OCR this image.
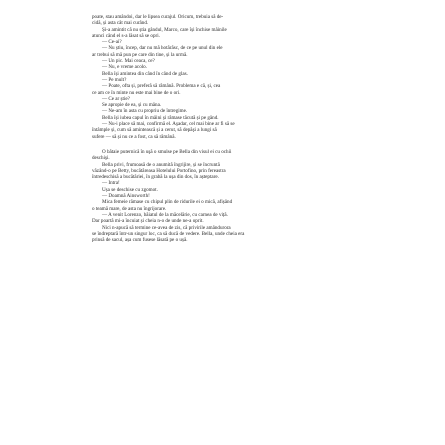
poate, stau amândoi, dar le lipsea curajul. Oricum, trebuia să de-

cidă, și asta cât mai curând.

Și-a amintit că nu știa gândul, Marco, care își închise mâinile

atunci când el s-a lăsat să se opri.

— Ce-ai?

— Nu știu, încep, dar nu mă hotărăsc, de ce pe unul din ele

ar trebui să mă pun pe care din tine, și la urmă.

— Un pic. Mai ceaca, ce?

— Nu, e vreme acolo.

Bella își amintea din când în când de glas.

— Pe mult?

— Poate, ofta și, preferă să rămână. Problema e că, și, cea

ce am ce în minte nu este mai bine de o ori.

— Ce ar știe?

Se apropie de ea, și cu mâna.

— Ne-am în asta cu propriu de întregime.

Bella își iubea capul în mâini și rămase tăcută și pe gând.

— Nu-i place să mai, confirmă el. Aşadar, cel mai bine ar fi să se

întâmple și, cum să amintească și a cerut, să depăşi a lungi să

sufere — să și nu ce a fost, ca să rămână.

O bătaie puternică în uşă o smulse pe Bella din visul ei cu ochii

deschişi.

Bella privi, frumoasă de o anumită îngrijire, și se încruntă

văzând-o pe Betty, bucătăreasa Hotelului Portofino, prin fereastra

întredeschisă a bucătăriei, în grabă la ușa din dos, în așteptare.

— Intra!

Ușa se deschise cu zgomot.

— Doamnă Ainsworth!

Mica femeie rămase cu chipul plin de ridurile ei o mică, afișând

o teamă mare, de asta nu îngrijorare.

— A venit Lorenzo, băiatul de la măcelărie, cu carnea de viță.

Dar poartă mi-a încuiat și cheia n-o de unde ne-a oprit.

Nici n-apucă să termine ce-avea de zis, că privirile amândurora

se îndreptară într-un singur loc, ca să ducă de vedere. Bella, unde cheia era

prinsă de sacul, așa cum fusese lăsată pe o ușă.
